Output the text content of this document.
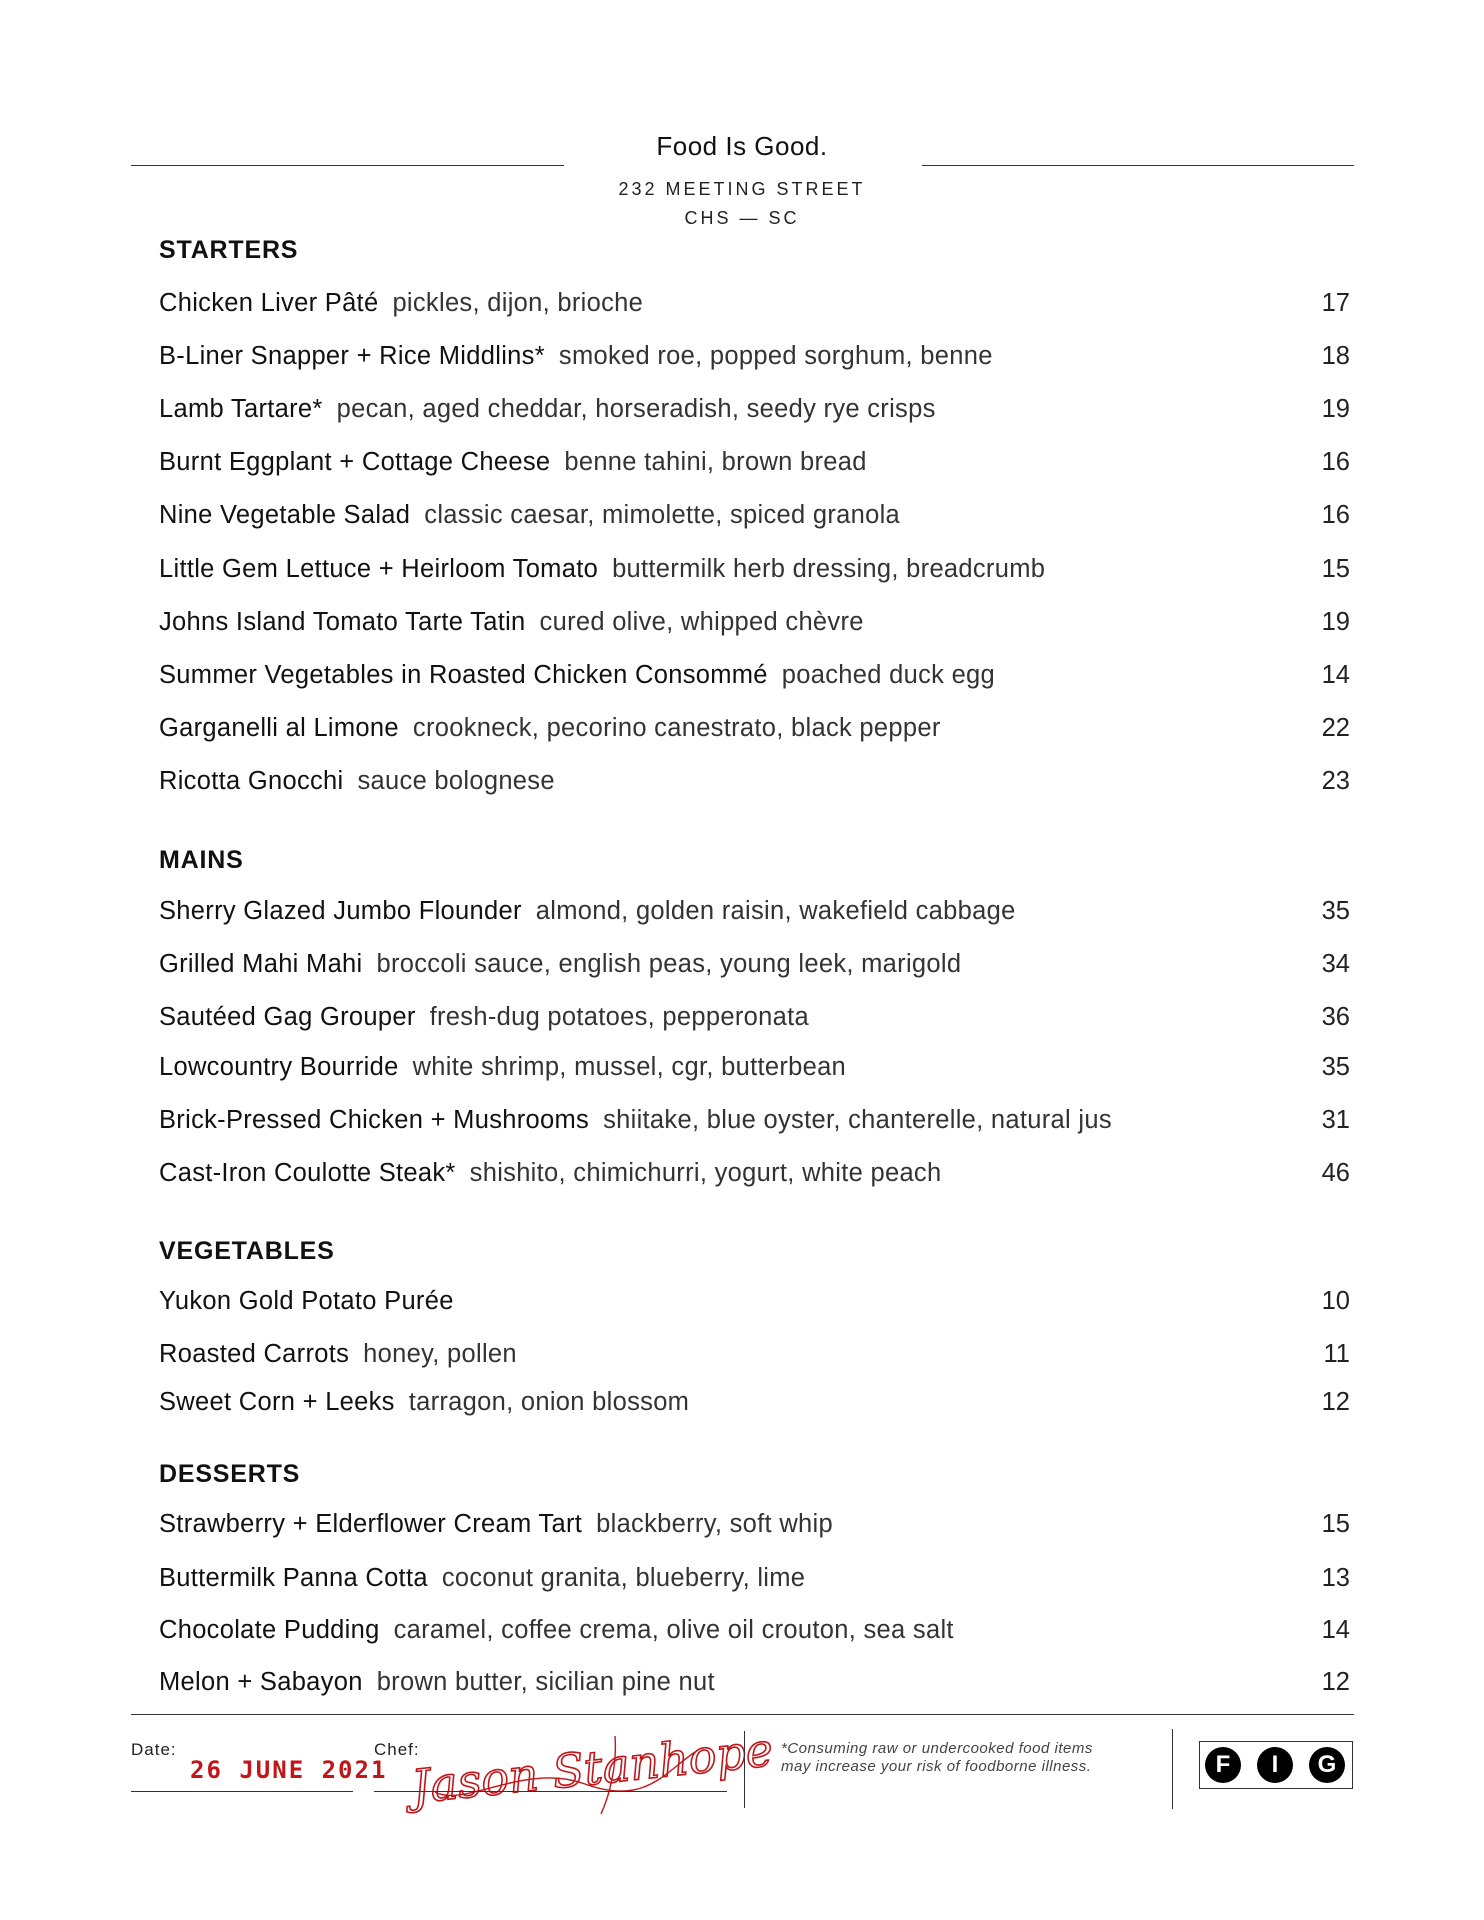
Food Is Good.
232 MEETING STREET
CHS — SC
STARTERS
Chicken Liver Pâté pickles, dijon, brioche	17
B-Liner Snapper + Rice Middlins* smoked roe, popped sorghum, benne	18
Lamb Tartare* pecan, aged cheddar, horseradish, seedy rye crisps	19
Burnt Eggplant + Cottage Cheese benne tahini, brown bread	16
Nine Vegetable Salad classic caesar, mimolette, spiced granola	16
Little Gem Lettuce + Heirloom Tomato buttermilk herb dressing, breadcrumb	15
Johns Island Tomato Tarte Tatin cured olive, whipped chèvre	19
Summer Vegetables in Roasted Chicken Consommé poached duck egg	14
Garganelli al Limone crookneck, pecorino canestrato, black pepper	22
Ricotta Gnocchi sauce bolognese	23
MAINS
Sherry Glazed Jumbo Flounder almond, golden raisin, wakefield cabbage	35
Grilled Mahi Mahi broccoli sauce, english peas, young leek, marigold	34
Sautéed Gag Grouper fresh-dug potatoes, pepperonata	36
Lowcountry Bourride white shrimp, mussel, cgr, butterbean	35
Brick-Pressed Chicken + Mushrooms shiitake, blue oyster, chanterelle, natural jus	31
Cast-Iron Coulotte Steak* shishito, chimichurri, yogurt, white peach	46
VEGETABLES
Yukon Gold Potato Purée	10
Roasted Carrots honey, pollen	11
Sweet Corn + Leeks tarragon, onion blossom	12
DESSERTS
Strawberry + Elderflower Cream Tart blackberry, soft whip	15
Buttermilk Panna Cotta coconut granita, blueberry, lime	13
Chocolate Pudding caramel, coffee crema, olive oil crouton, sea salt	14
Melon + Sabayon brown butter, sicilian pine nut	12
Date:
26 JUNE 2021
Chef:
Jason Stanhope *Consuming raw or undercooked food items
may increase your risk of foodborne illness.	F	I	G
